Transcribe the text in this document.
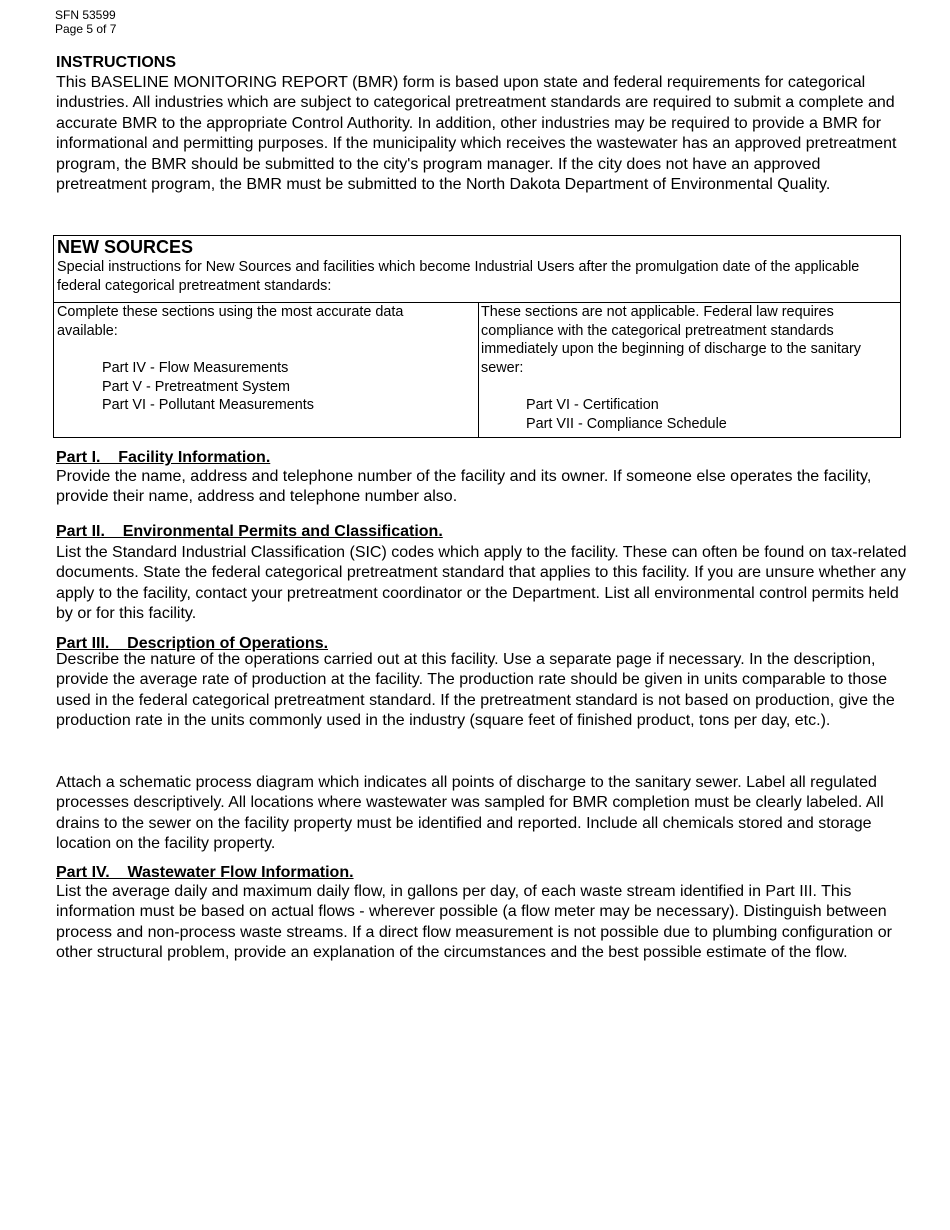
SFN 53599
Page 5 of 7
INSTRUCTIONS

This BASELINE MONITORING REPORT (BMR) form is based upon state and federal requirements for categorical industries. All industries which are subject to categorical pretreatment standards are required to submit a complete and accurate BMR to the appropriate Control Authority. In addition, other industries may be required to provide a BMR for informational and permitting purposes. If the municipality which receives the wastewater has an approved pretreatment program, the BMR should be submitted to the city's program manager. If the city does not have an approved pretreatment program, the BMR must be submitted to the North Dakota Department of Environmental Quality.

NEW SOURCES

Special instructions for New Sources and facilities which become Industrial Users after the promulgation date of the applicable federal categorical pretreatment standards:

Complete these sections using the most accurate data available:

These sections are not applicable. Federal law requires compliance with the categorical pretreatment standards immediately upon the beginning of discharge to the sanitary sewer:

Part IV - Flow Measurements
Part V - Pretreatment System
Part VI - Pollutant Measurements	Part VI - Certification
Part VII - Compliance Schedule
Part I.    Facility Information.

Provide the name, address and telephone number of the facility and its owner. If someone else operates the facility, provide their name, address and telephone number also.

Part II.    Environmental Permits and Classification.

List the Standard Industrial Classification (SIC) codes which apply to the facility. These can often be found on tax-related documents. State the federal categorical pretreatment standard that applies to this facility. If you are unsure whether any apply to the facility, contact your pretreatment coordinator or the Department. List all environmental control permits held by or for this facility.

Part III.    Description of Operations.

Describe the nature of the operations carried out at this facility. Use a separate page if necessary. In the description, provide the average rate of production at the facility. The production rate should be given in units comparable to those used in the federal categorical pretreatment standard. If the pretreatment standard is not based on production, give the production rate in the units commonly used in the industry (square feet of finished product, tons per day, etc.).

Attach a schematic process diagram which indicates all points of discharge to the sanitary sewer. Label all regulated processes descriptively. All locations where wastewater was sampled for BMR completion must be clearly labeled. All drains to the sewer on the facility property must be identified and reported. Include all chemicals stored and storage location on the facility property.

Part IV.    Wastewater Flow Information.

List the average daily and maximum daily flow, in gallons per day, of each waste stream identified in Part III. This information must be based on actual flows - wherever possible (a flow meter may be necessary). Distinguish between process and non-process waste streams. If a direct flow measurement is not possible due to plumbing configuration or other structural problem, provide an explanation of the circumstances and the best possible estimate of the flow.
